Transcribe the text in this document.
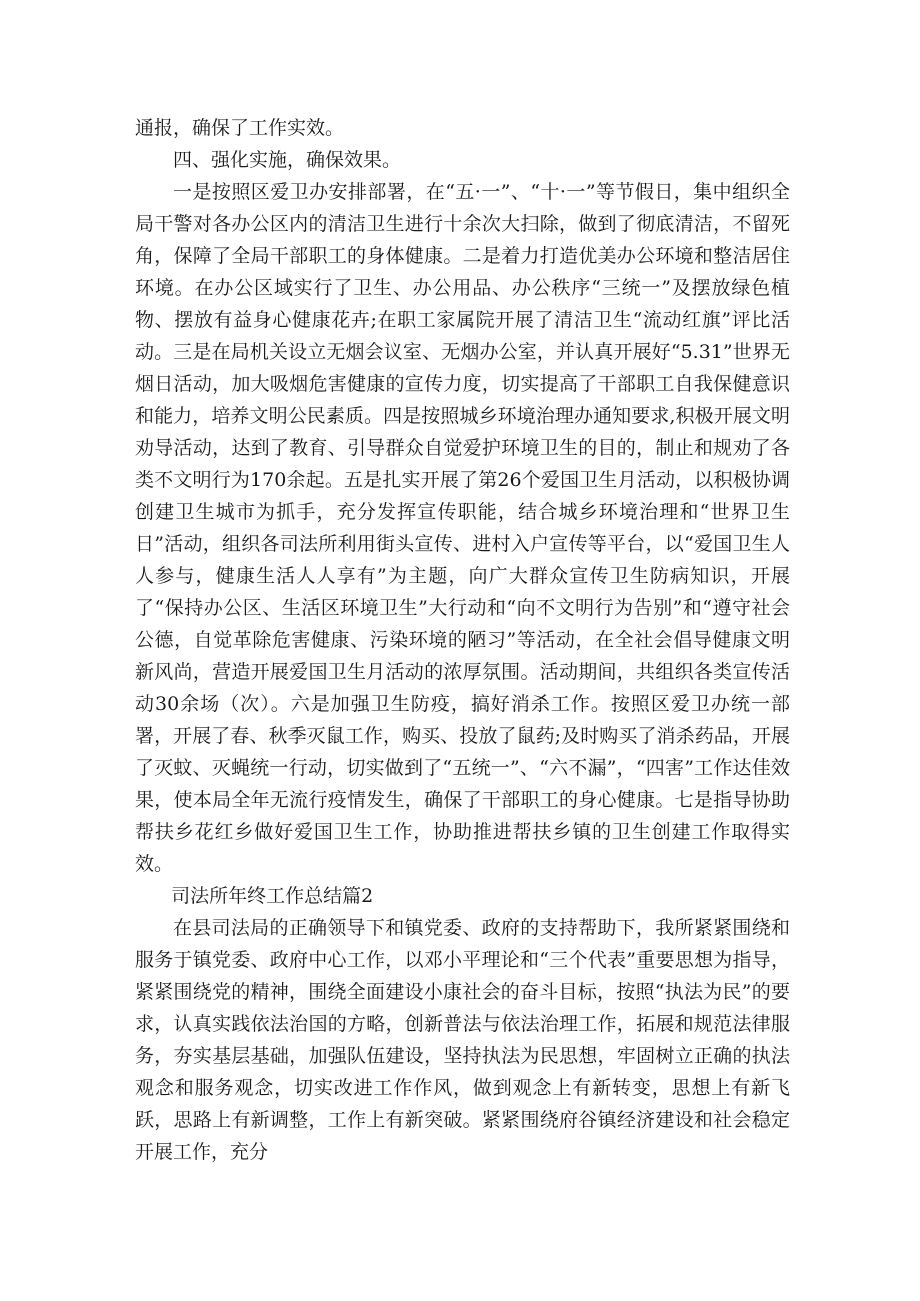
通报，确保了工作实效。

四、强化实施，确保效果。

一是按照区爱卫办安排部署，在“五·一”、“十·一”等节假日，集中组织全局干警对各办公区内的清洁卫生进行十余次大扫除，做到了彻底清洁，不留死角，保障了全局干部职工的身体健康。二是着力打造优美办公环境和整洁居住环境。在办公区域实行了卫生、办公用品、办公秩序“三统一”及摆放绿色植物、摆放有益身心健康花卉;在职工家属院开展了清洁卫生“流动红旗”评比活动。三是在局机关设立无烟会议室、无烟办公室，并认真开展好“5.31”世界无烟日活动，加大吸烟危害健康的宣传力度，切实提高了干部职工自我保健意识和能力，培养文明公民素质。四是按照城乡环境治理办通知要求,积极开展文明劝导活动，达到了教育、引导群众自觉爱护环境卫生的目的，制止和规劝了各类不文明行为170余起。五是扎实开展了第26个爱国卫生月活动，以积极协调创建卫生城市为抓手，充分发挥宣传职能，结合城乡环境治理和“世界卫生日”活动，组织各司法所利用街头宣传、进村入户宣传等平台，以“爱国卫生人人参与，健康生活人人享有”为主题，向广大群众宣传卫生防病知识，开展了“保持办公区、生活区环境卫生”大行动和“向不文明行为告别”和“遵守社会公德，自觉革除危害健康、污染环境的陋习”等活动，在全社会倡导健康文明新风尚，营造开展爱国卫生月活动的浓厚氛围。活动期间，共组织各类宣传活动30余场（次）。六是加强卫生防疫，搞好消杀工作。按照区爱卫办统一部署，开展了春、秋季灭鼠工作，购买、投放了鼠药;及时购买了消杀药品，开展了灭蚊、灭蝇统一行动，切实做到了“五统一”、“六不漏”，“四害”工作达佳效果，使本局全年无流行疫情发生，确保了干部职工的身心健康。七是指导协助帮扶乡花红乡做好爱国卫生工作，协助推进帮扶乡镇的卫生创建工作取得实效。

司法所年终工作总结篇2

在县司法局的正确领导下和镇党委、政府的支持帮助下，我所紧紧围绕和服务于镇党委、政府中心工作，以邓小平理论和“三个代表”重要思想为指导，紧紧围绕党的精神，围绕全面建设小康社会的奋斗目标，按照“执法为民”的要求，认真实践依法治国的方略，创新普法与依法治理工作，拓展和规范法律服务，夯实基层基础，加强队伍建设，坚持执法为民思想，牢固树立正确的执法观念和服务观念，切实改进工作作风，做到观念上有新转变，思想上有新飞跃，思路上有新调整，工作上有新突破。紧紧围绕府谷镇经济建设和社会稳定开展工作，充分
